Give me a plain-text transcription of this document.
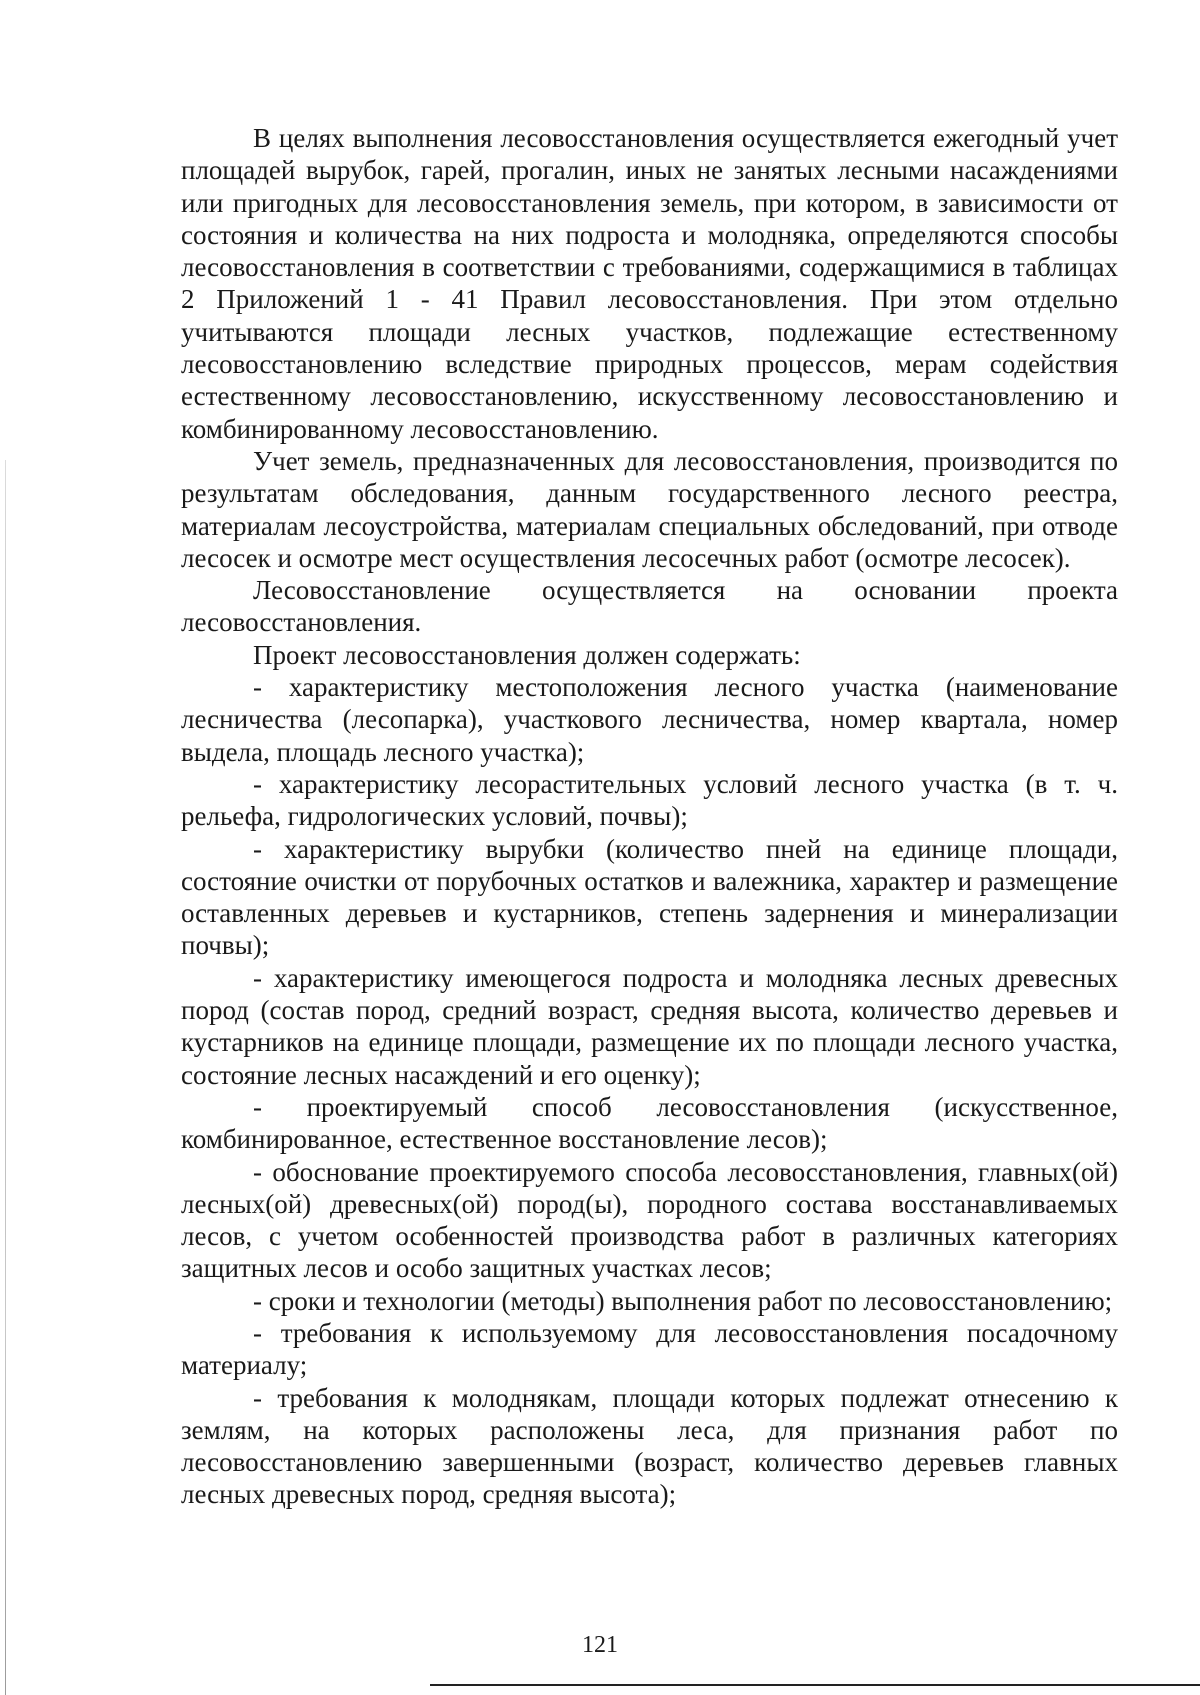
В целях выполнения лесовосстановления осуществляется ежегодный учет площадей вырубок, гарей, прогалин, иных не занятых лесными насаждениями или пригодных для лесовосстановления земель, при котором, в зависимости от состояния и количества на них подроста и молодняка, определяются способы лесовосстановления в соответствии с требованиями, содержащимися в таблицах 2 Приложений 1 - 41 Правил лесовосстановления. При этом отдельно учитываются площади лесных участков, подлежащие естественному лесовосстановлению вследствие природных процессов, мерам содействия естественному лесовосстановлению, искусственному лесовосстановлению и комбинированному лесовосстановлению.

Учет земель, предназначенных для лесовосстановления, производится по результатам обследования, данным государственного лесного реестра, материалам лесоустройства, материалам специальных обследований, при отводе лесосек и осмотре мест осуществления лесосечных работ (осмотре лесосек).

Лесовосстановление осуществляется на основании проекта лесовосстановления.

Проект лесовосстановления должен содержать:

- характеристику местоположения лесного участка (наименование лесничества (лесопарка), участкового лесничества, номер квартала, номер выдела, площадь лесного участка);

- характеристику лесорастительных условий лесного участка (в т. ч. рельефа, гидрологических условий, почвы);

- характеристику вырубки (количество пней на единице площади, состояние очистки от порубочных остатков и валежника, характер и размещение оставленных деревьев и кустарников, степень задернения и минерализации почвы);

- характеристику имеющегося подроста и молодняка лесных древесных пород (состав пород, средний возраст, средняя высота, количество деревьев и кустарников на единице площади, размещение их по площади лесного участка, состояние лесных насаждений и его оценку);

- проектируемый способ лесовосстановления (искусственное, комбинированное, естественное восстановление лесов);

- обоснование проектируемого способа лесовосстановления, главных(ой) лесных(ой) древесных(ой) пород(ы), породного состава восстанавливаемых лесов, с учетом особенностей производства работ в различных категориях защитных лесов и особо защитных участках лесов;

- сроки и технологии (методы) выполнения работ по лесовосстановлению;

- требования к используемому для лесовосстановления посадочному материалу;

- требования к молоднякам, площади которых подлежат отнесению к землям, на которых расположены леса, для признания работ по лесовосстановлению завершенными (возраст, количество деревьев главных лесных древесных пород, средняя высота);

121
